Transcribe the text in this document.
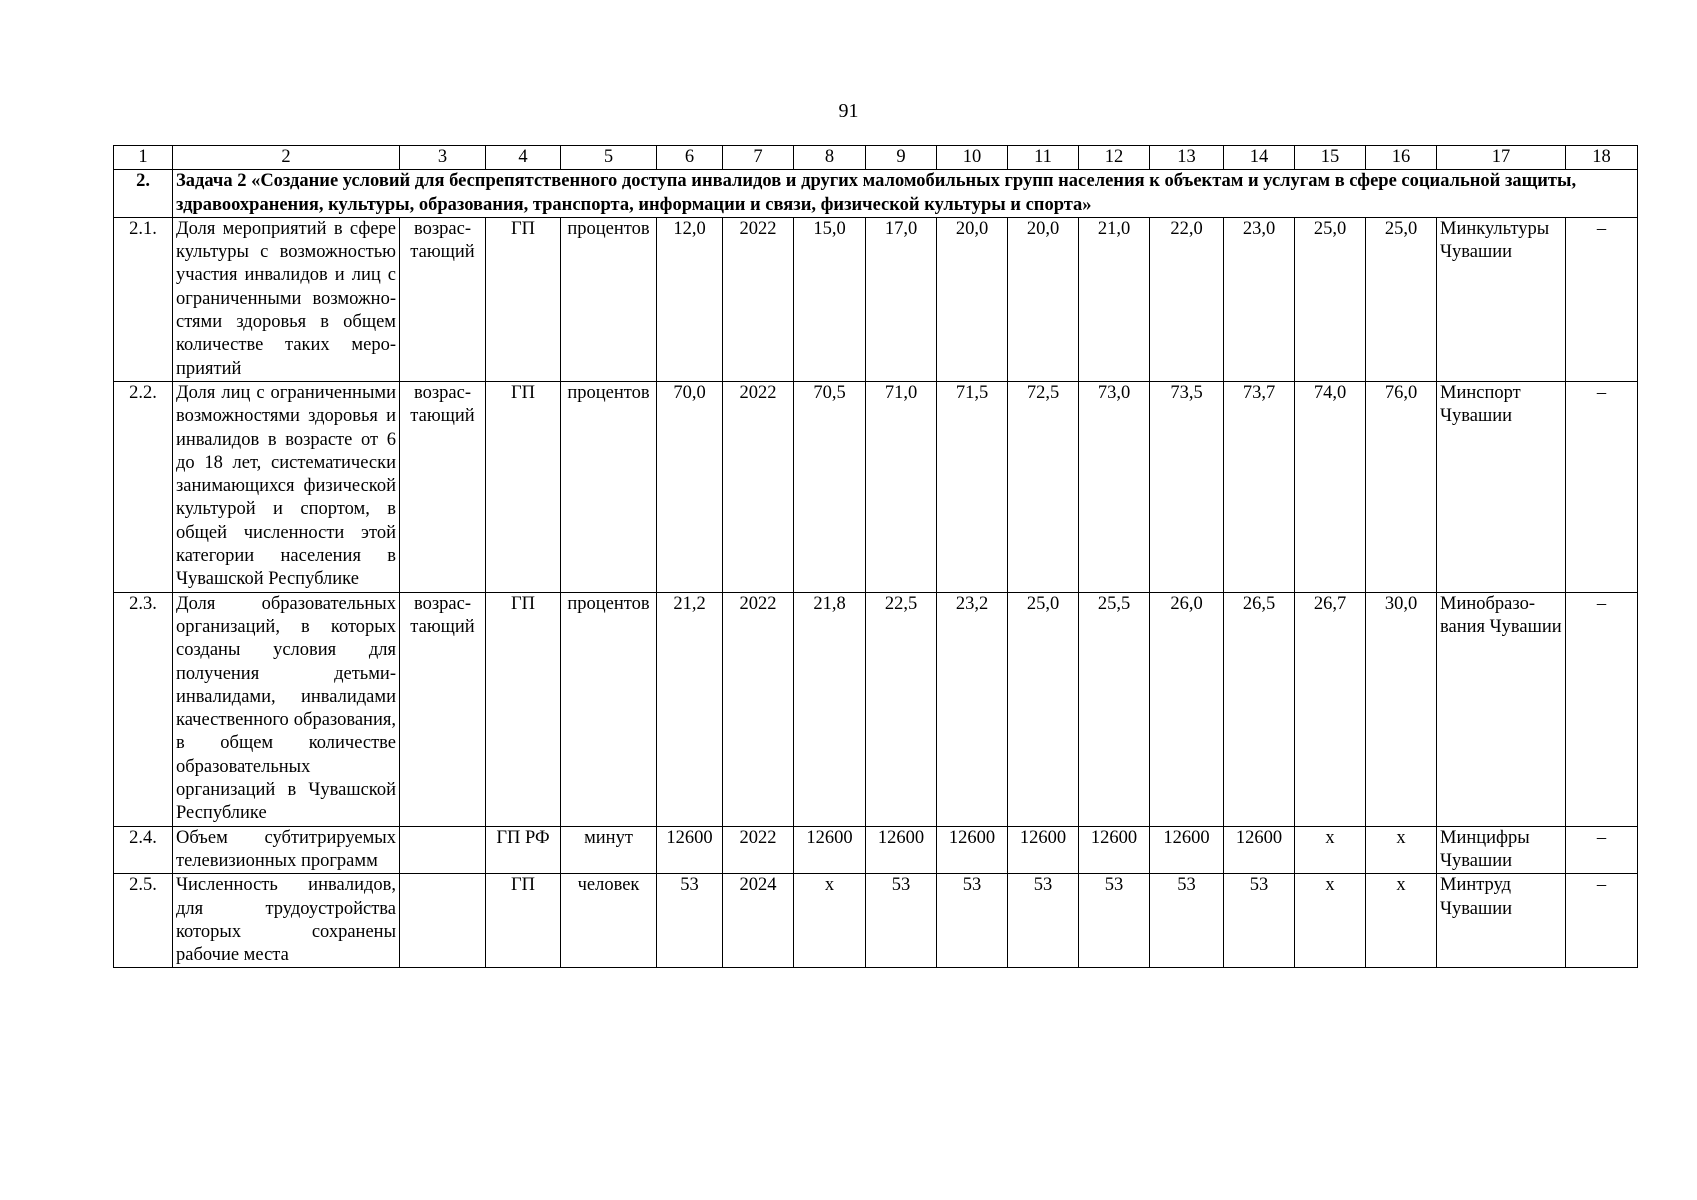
91
1	2	3	4	5	6	7	8	9	10	11	12	13	14	15	16	17	18
2.	Задача 2 «Создание условий для беспрепятственного доступа инвалидов и других маломобильных групп населения к объектам и услугам в сфере социальной защиты, здравоохранения, культуры, образования, транспорта, информации и связи, физической культуры и спорта»																
2.1.	Доля мероприятий в сфере культуры с возможностью участия инвалидов и лиц с ограниченными возможностями здоровья в общем количестве таких мероприятий	возрастающий	ГП	процентов	12,0	2022	15,0	17,0	20,0	20,0	21,0	22,0	23,0	25,0	25,0	Минкультуры Чувашии	–
2.2.	Доля лиц с ограниченными возможностями здоровья и инвалидов в возрасте от 6 до 18 лет, систематически занимающихся физической культурой и спортом, в общей численности этой категории населения в Чувашской Республике	возрастающий	ГП	процентов	70,0	2022	70,5	71,0	71,5	72,5	73,0	73,5	73,7	74,0	76,0	Минспорт Чувашии	–
2.3.	Доля образовательных организаций, в которых созданы условия для получения детьми-инвалидами, инвалидами качественного образования, в общем количестве образовательных организаций в Чувашской Республике	возрастающий	ГП	процентов	21,2	2022	21,8	22,5	23,2	25,0	25,5	26,0	26,5	26,7	30,0	Минобразования Чувашии	–
2.4.	Объем субтитрируемых телевизионных программ		ГП РФ	минут	12600	2022	12600	12600	12600	12600	12600	12600	12600	x	x	Минцифры Чувашии	–
2.5.	Численность инвалидов, для трудоустройства которых сохранены рабочие места		ГП	человек	53	2024	x	53	53	53	53	53	53	x	x	Минтруд Чувашии	–
